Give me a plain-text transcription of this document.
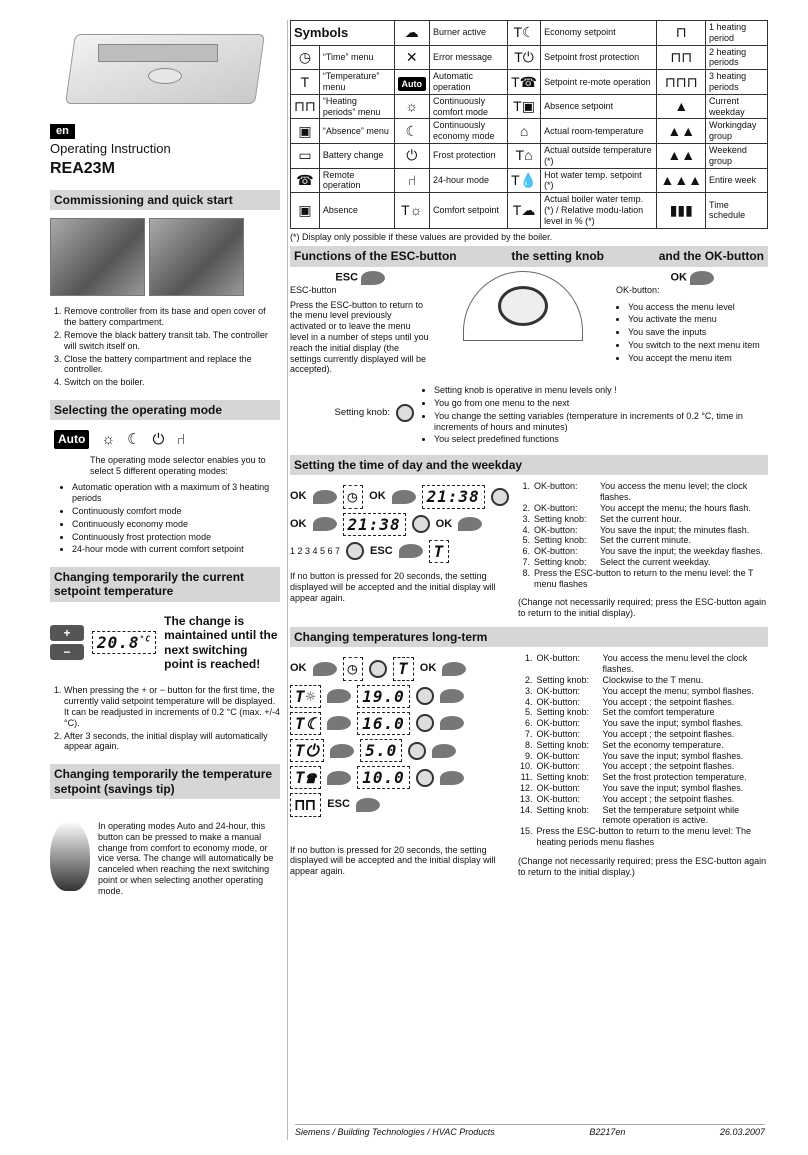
en
Operating Instruction
REA23M
Commissioning and quick start
1. Remove controller from its base and open cover of the battery compartment.
2. Remove the black battery transit tab. The controller will switch itself on.
3. Close the battery compartment and replace the controller.
4. Switch on the boiler.
Selecting the operating mode
Auto ☼ ☾ ⏻ ⑁
The operating mode selector enables you to select 5 different operating modes:
• Automatic operation with a maximum of 3 heating periods
• Continuously comfort mode
• Continuously economy mode
• Continuously frost protection mode
• 24-hour mode with current comfort setpoint
Changing temporarily the current setpoint temperature
+
−
$20.8^{^\circ C}$
The change is maintained until the next switching point is reached!
1. When pressing the + or − button for the first time, the currently valid setpoint temperature will be displayed. It can be readjusted in increments of 0.2 °C (max. +/-4 °C).
2. After 3 seconds, the initial display will automatically appear again.
Changing temporarily the temperature setpoint (savings tip)
In operating modes Auto and 24-hour, this button can be pressed to make a manual change from comfort to economy mode, or vice versa. The change will automatically be canceled when reaching the next switching point or when selecting another operating mode.
Symbols		☁	Burner active	T☾	Economy setpoint	⊓	1 heating period
◷	“Time” menu	✕	Error message	T⏻	Setpoint frost protection	⊓⊓	2 heating periods
T	“Temperature” menu	Auto	Automatic operation	T☎	Setpoint re-mote operation	⊓⊓⊓	3 heating periods
⊓⊓	“Heating periods” menu	☼	Continuously comfort mode	T▣	Absence setpoint	▲	Current weekday
▣	“Absence” menu	☾	Continuously economy mode	⌂	Actual room-temperature	▲▲	Workingday group
▭	Battery change	⏻	Frost protection	T⌂	Actual outside temperature (*)	▲▲	Weekend group
☎	Remote operation	⑁	24-hour mode	T💧	Hot water temp. setpoint (*)	▲▲▲	Entire week
▣	Absence	T☼	Comfort setpoint	T☁	Actual boiler water temp. (*) / Relative modu-lation level in % (*)	▮▮▮	Time schedule
(*) Display only possible if these values are provided by the boiler.
Functions of the ESC-button	the setting knob	and the OK-button
ESC
ESC-button
Press the ESC-button to return to the menu level previously activated or to leave the menu level in a number of steps until you reach the initial display (the settings currently displayed will be accepted).
OK
OK-button:
• You access the menu level
• You activate the menu
• You save the inputs
• You switch to the next menu item
• You accept the menu item
Setting knob:
• Setting knob is operative in menu levels only !
• You go from one menu to the next
• You change the setting variables (temperature in increments of 0.2 °C, time in increments of hours and minutes)
• You select predefined functions
Setting the time of day and the weekday
OK	◷	OK	21:38
OK	21:38	OK
1 2 3 4 5 6 7	ESC	T
If no button is pressed for 20 seconds, the setting displayed will be accepted and the initial display will appear again.
1.	OK-button:	You access the menu level; the clock flashes.
2.	OK-button:	You accept the menu; the hours flash.
3.	Setting knob:	Set the current hour.
4.	OK-button:	You save the input; the minutes flash.
5.	Setting knob:	Set the current minute.
6.	OK-button:	You save the input; the weekday flashes.
7.	Setting knob:	Select the current weekday.
8.	Press the ESC-button to return to the menu level: the T menu flashes	
(Change not necessarily required; press the ESC-button again to return to the initial display).
Changing temperatures long-term
OK	◷	T	OK
T☼	19.0
T☾	16.0
T⏻	5.0
T☎	10.0
⊓⊓	ESC
If no button is pressed for 20 seconds, the setting displayed will be accepted and the initial display will appear again.
1.	OK-button:	You access the menu level the clock flashes.
2.	Setting knob:	Clockwise to the T menu.
3.	OK-button:	You accept the menu; symbol flashes.
4.	OK-button:	You accept ; the setpoint flashes.
5.	Setting knob:	Set the comfort temperature
6.	OK-button:	You save the input; symbol flashes.
7.	OK-button:	You accept ; the setpoint flashes.
8.	Setting knob:	Set the economy temperature.
9.	OK-button:	You save the input; symbol flashes.
10.	OK-button:	You accept ; the setpoint flashes.
11.	Setting knob:	Set the frost protection temperature.
12.	OK-button:	You save the input; symbol flashes.
13.	OK-button:	You accept ; the setpoint flashes.
14.	Setting knob:	Set the temperature setpoint while remote operation is active.
15.	Press the ESC-button to return to the menu level: The heating periods menu flashes	
(Change not necessarily required; press the ESC-button again to return to the initial display.)
Siemens / Building Technologies / HVAC Products	B2217en	26.03.2007
